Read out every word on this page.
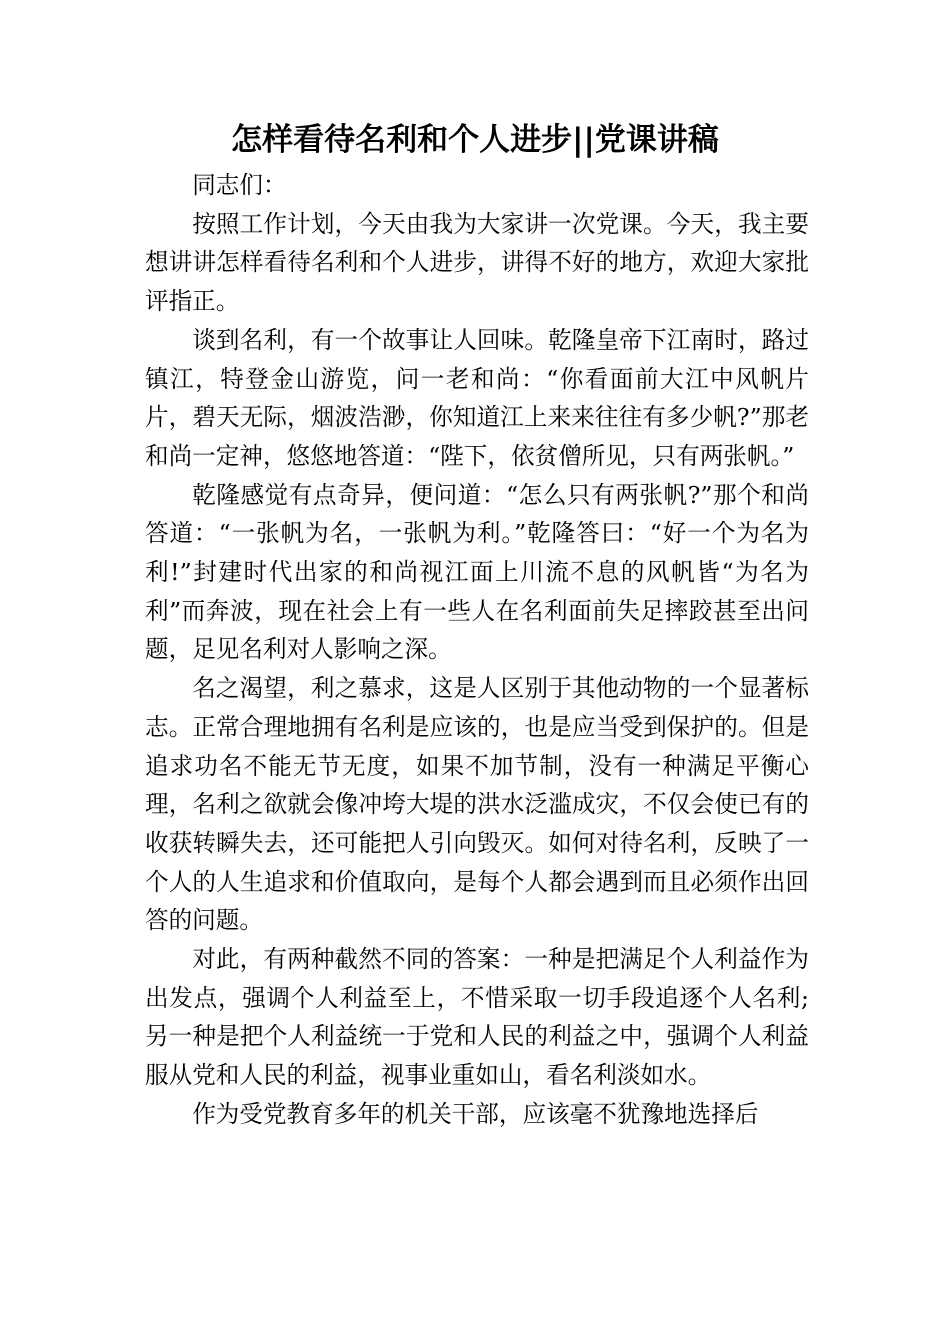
怎样看待名利和个人进步||党课讲稿

同志们：

按照工作计划，今天由我为大家讲一次党课。今天，我主要想讲讲怎样看待名利和个人进步，讲得不好的地方，欢迎大家批评指正。

谈到名利，有一个故事让人回味。乾隆皇帝下江南时，路过镇江，特登金山游览，问一老和尚：“你看面前大江中风帆片片，碧天无际，烟波浩渺，你知道江上来来往往有多少帆?”那老和尚一定神，悠悠地答道：“陛下，依贫僧所见，只有两张帆。”

乾隆感觉有点奇异，便问道：“怎么只有两张帆?”那个和尚答道：“一张帆为名，一张帆为利。”乾隆答曰：“好一个为名为利!”封建时代出家的和尚视江面上川流不息的风帆皆“为名为利”而奔波，现在社会上有一些人在名利面前失足摔跤甚至出问题，足见名利对人影响之深。

名之渴望，利之慕求，这是人区别于其他动物的一个显著标志。正常合理地拥有名利是应该的，也是应当受到保护的。但是追求功名不能无节无度，如果不加节制，没有一种满足平衡心理，名利之欲就会像冲垮大堤的洪水泛滥成灾，不仅会使已有的收获转瞬失去，还可能把人引向毁灭。如何对待名利，反映了一个人的人生追求和价值取向，是每个人都会遇到而且必须作出回答的问题。

对此，有两种截然不同的答案：一种是把满足个人利益作为出发点，强调个人利益至上，不惜采取一切手段追逐个人名利;另一种是把个人利益统一于党和人民的利益之中，强调个人利益服从党和人民的利益，视事业重如山，看名利淡如水。

作为受党教育多年的机关干部，应该毫不犹豫地选择后
